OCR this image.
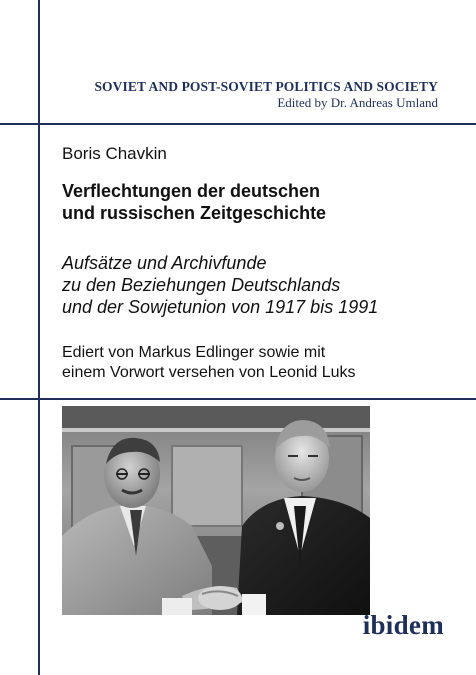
SOVIET AND POST-SOVIET POLITICS AND SOCIETY
Edited by Dr. Andreas Umland
Boris Chavkin
Verflechtungen der deutschen
und russischen Zeitgeschichte
Aufsätze und Archivfunde
zu den Beziehungen Deutschlands
und der Sowjetunion von 1917 bis 1991
Ediert von Markus Edlinger sowie mit
einem Vorwort versehen von Leonid Luks
ibidem
